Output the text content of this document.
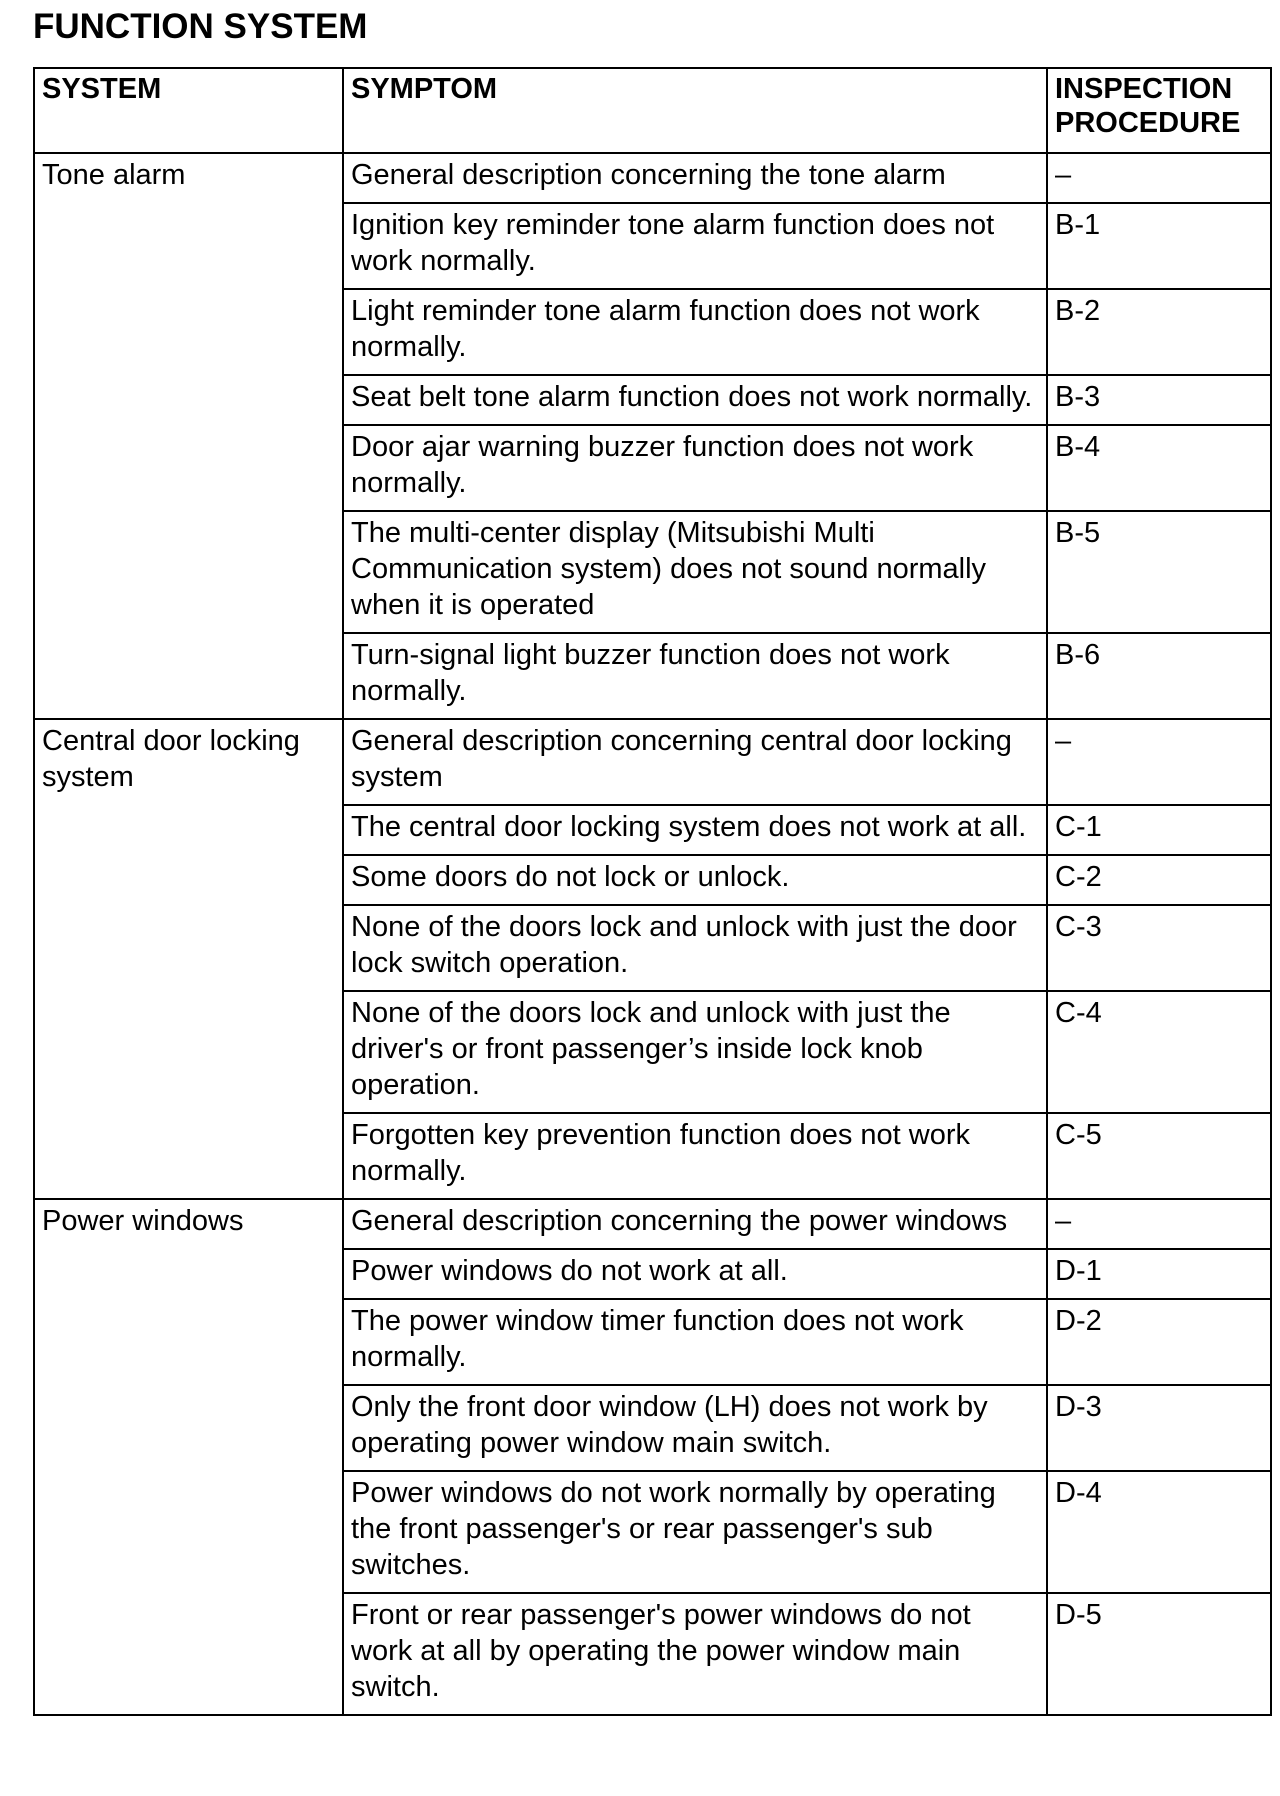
FUNCTION SYSTEM
SYSTEM	SYMPTOM	INSPECTION
PROCEDURE
Tone alarm	General description concerning the tone alarm	–
	Ignition key reminder tone alarm function does not work normally.	B-1
	Light reminder tone alarm function does not work normally.	B-2
	Seat belt tone alarm function does not work normally.	B-3
	Door ajar warning buzzer function does not work normally.	B-4
	The multi-center display (Mitsubishi Multi Communication system) does not sound normally when it is operated	B-5
	Turn-signal light buzzer function does not work normally.	B-6
Central door locking system	General description concerning central door locking system	–
	The central door locking system does not work at all.	C-1
	Some doors do not lock or unlock.	C-2
	None of the doors lock and unlock with just the door lock switch operation.	C-3
	None of the doors lock and unlock with just the driver's or front passenger’s inside lock knob operation.	C-4
	Forgotten key prevention function does not work normally.	C-5
Power windows	General description concerning the power windows	–
	Power windows do not work at all.	D-1
	The power window timer function does not work normally.	D-2
	Only the front door window (LH) does not work by operating power window main switch.	D-3
	Power windows do not work normally by operating the front passenger's or rear passenger's sub switches.	D-4
	Front or rear passenger's power windows do not work at all by operating the power window main switch.	D-5
